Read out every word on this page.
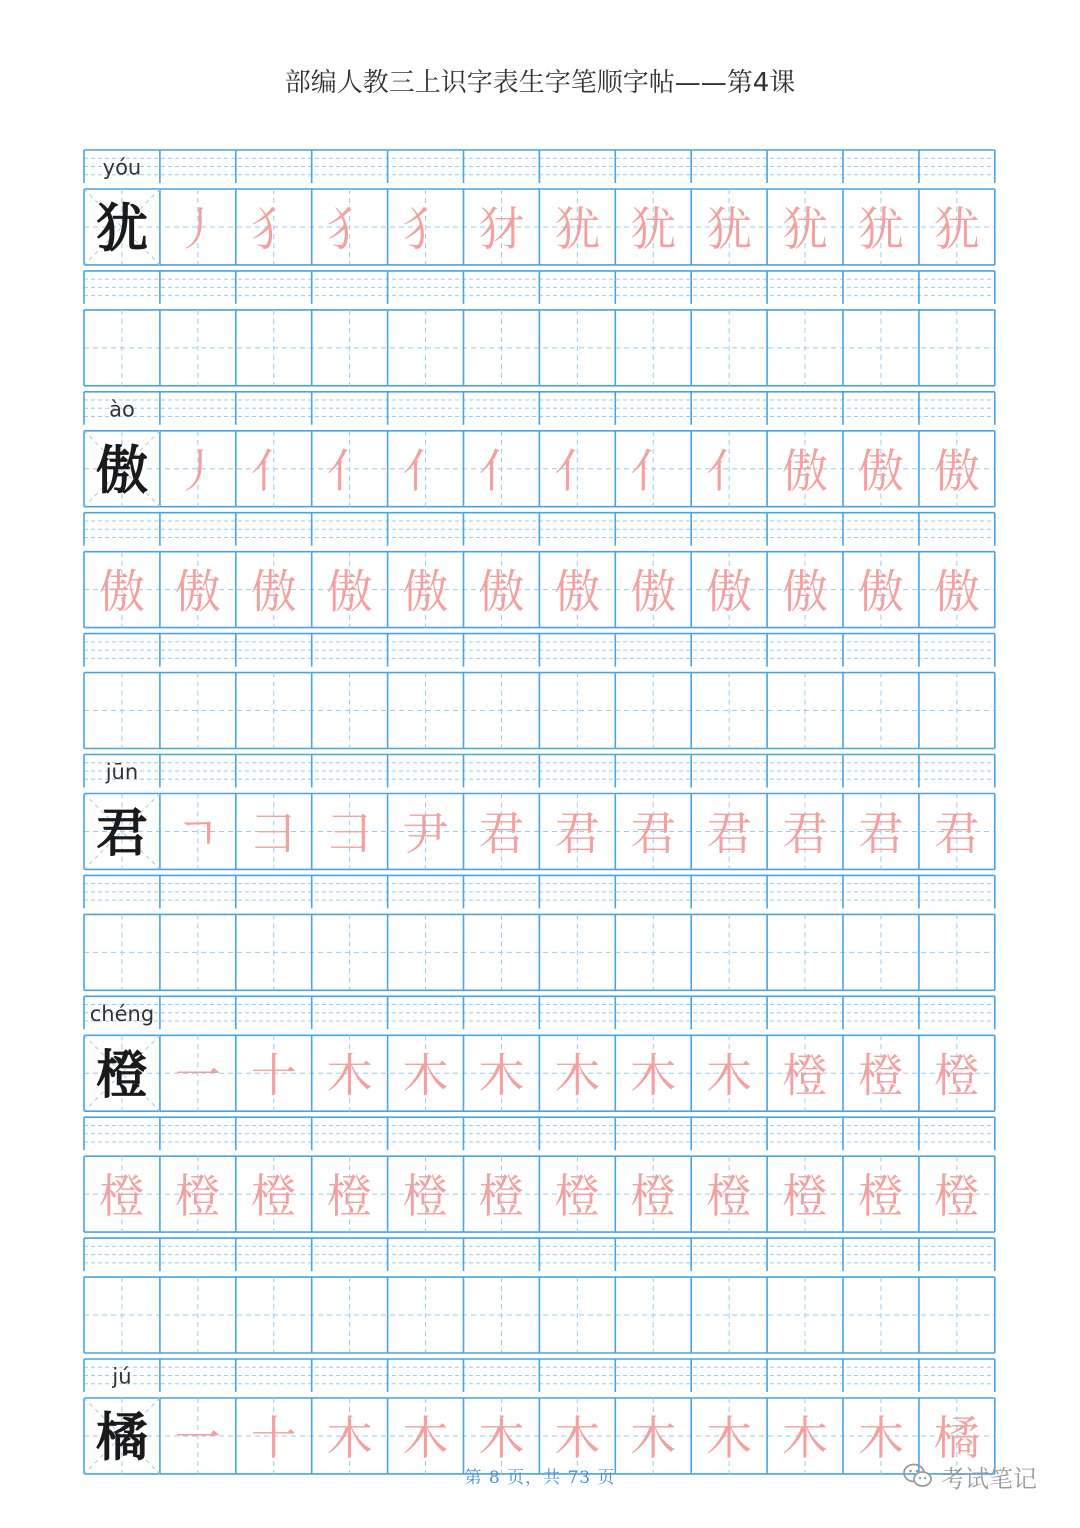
部编人教三上识字表生字笔顺字帖——第4课
yóu
犹 丿 犭 犭 犭 犲 犹 犹 犹 犹 犹 犹
ào
傲 丿 亻 亻 亻 亻 亻 亻 亻 傲 傲 傲
傲 傲 傲 傲 傲 傲 傲 傲 傲 傲 傲 傲
jūn
君 ㄱ 彐 彐 尹 君 君 君 君 君 君 君
chéng
橙 一 十 木 木 木 木 木 木 橙 橙 橙
橙 橙 橙 橙 橙 橙 橙 橙 橙 橙 橙 橙
jú
橘 一 十 木 木 木 木 木 木 木 木 橘
第 8 页，共 73 页	考试笔记
